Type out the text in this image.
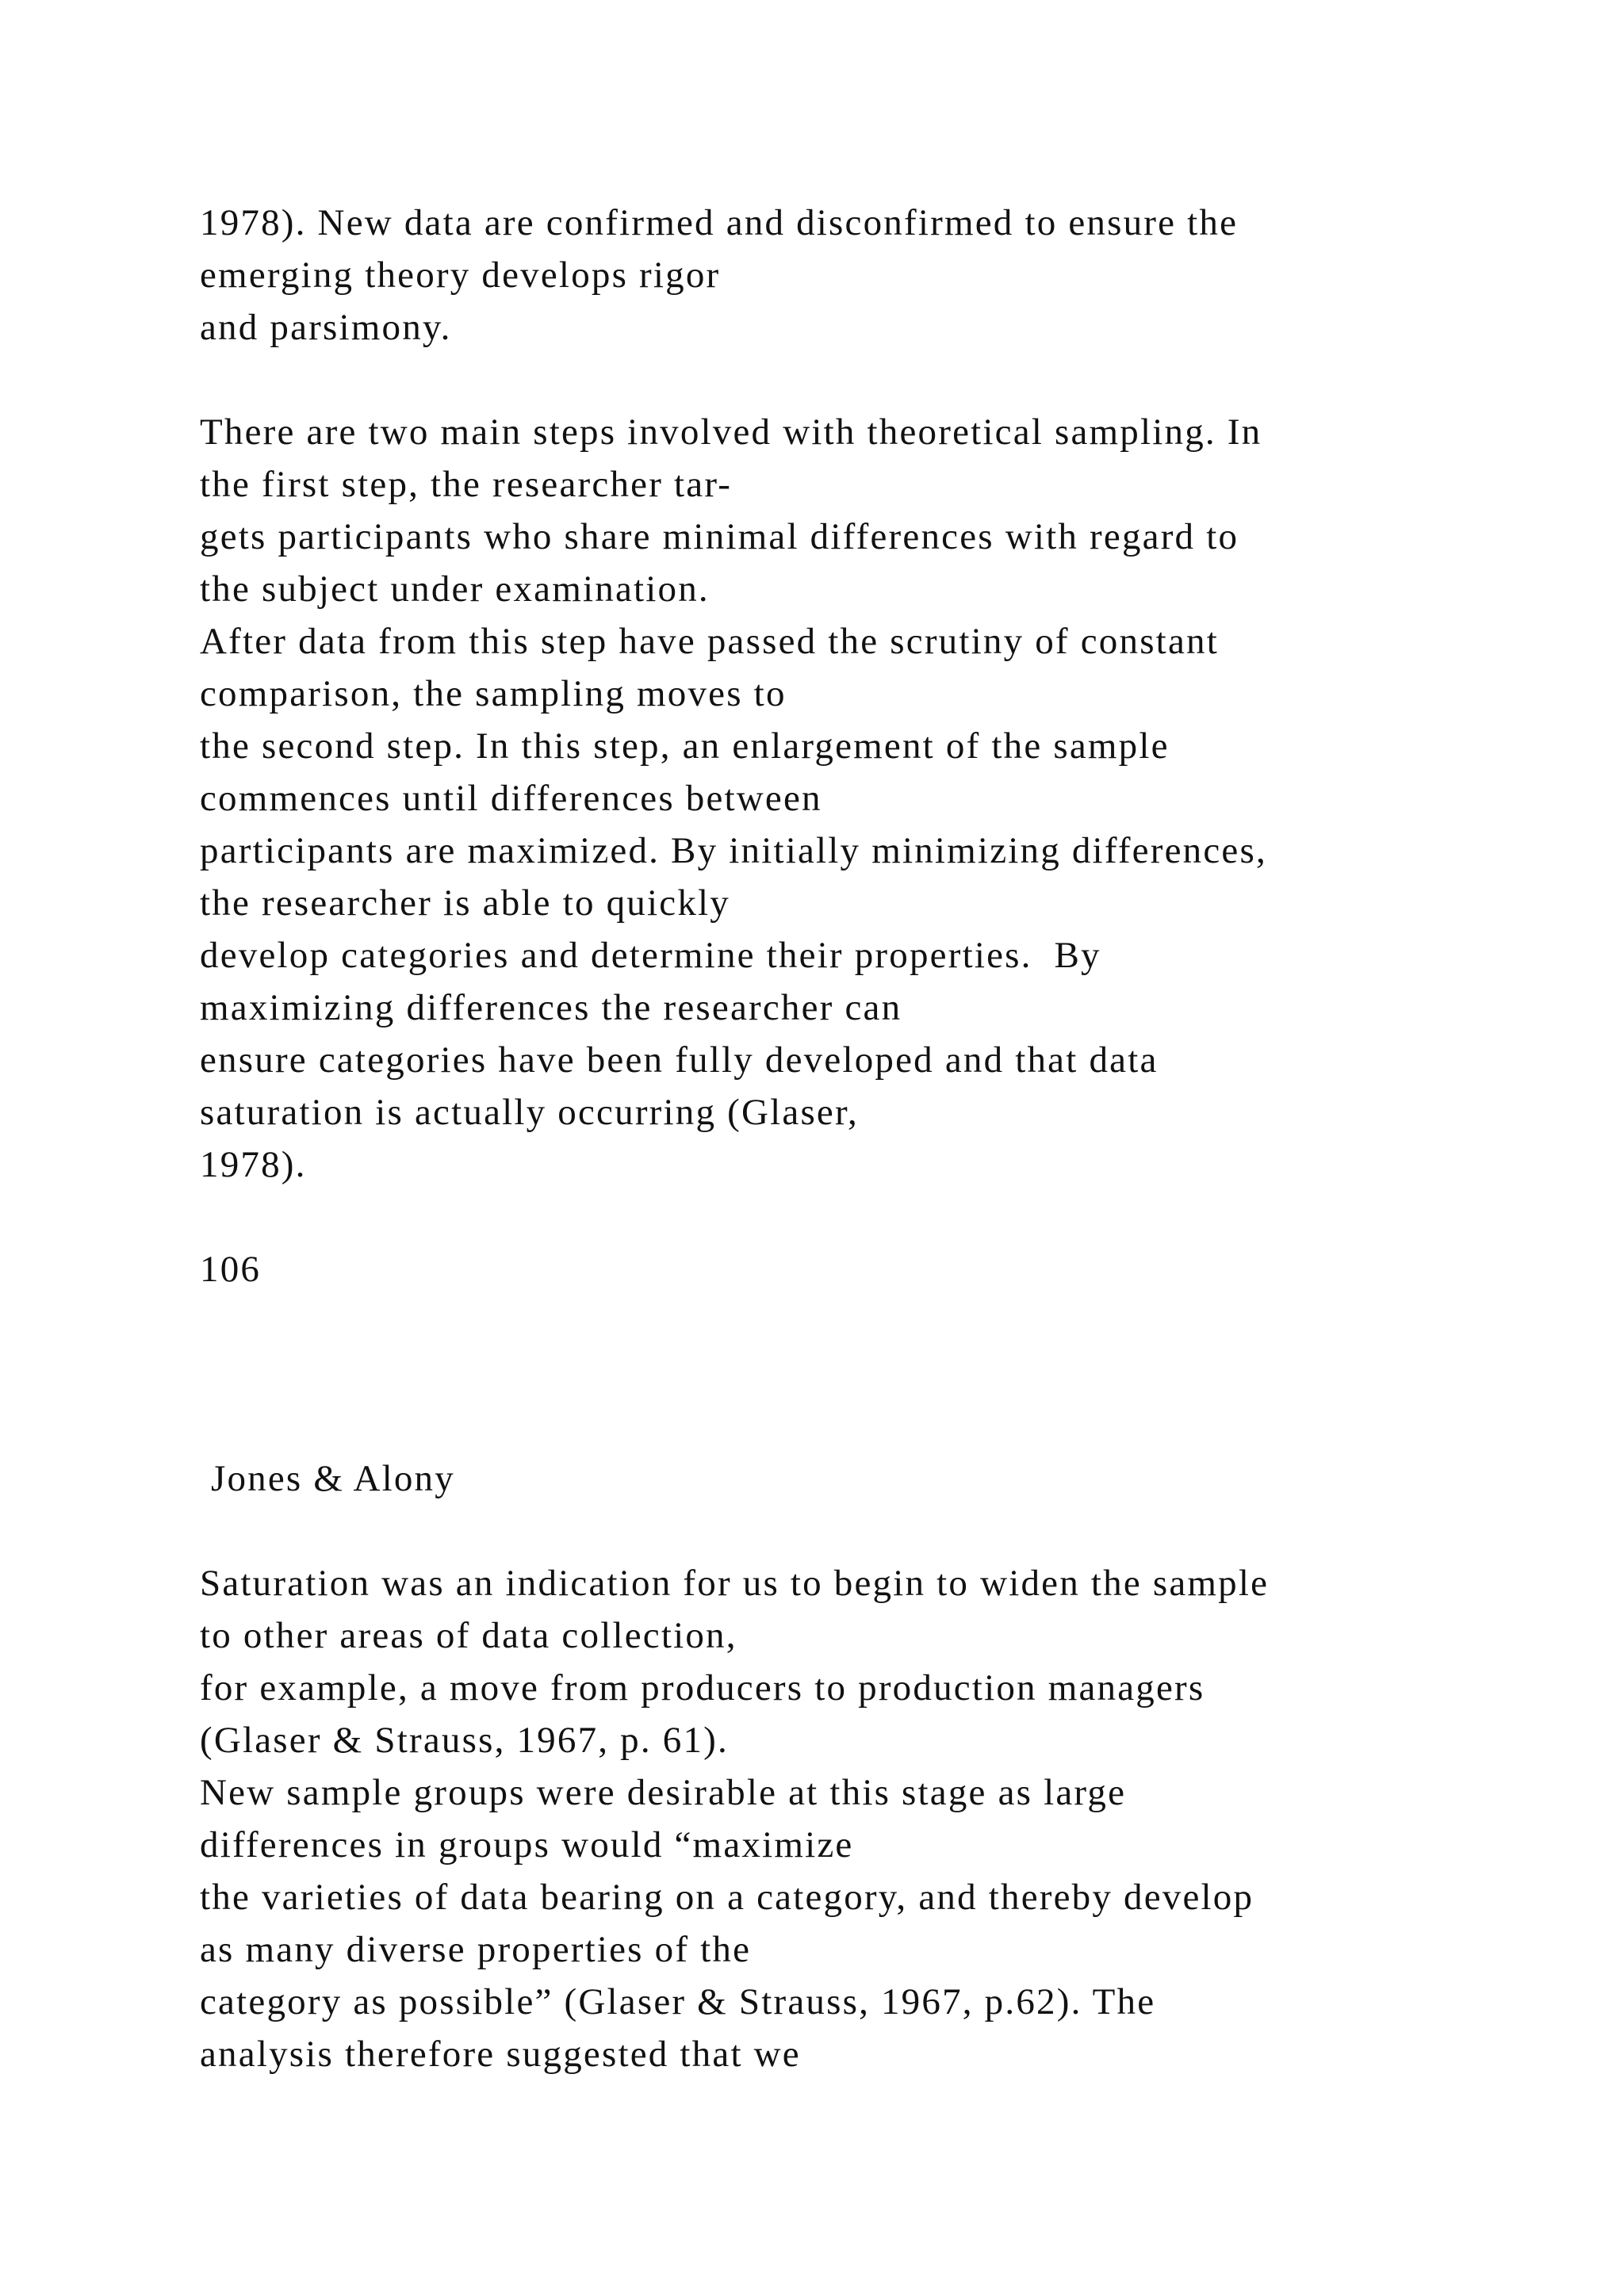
1978). New data are confirmed and disconfirmed to ensure the

emerging theory develops rigor

and parsimony.

There are two main steps involved with theoretical sampling. In

the first step, the researcher tar-

gets participants who share minimal differences with regard to

the subject under examination.

After data from this step have passed the scrutiny of constant

comparison, the sampling moves to

the second step. In this step, an enlargement of the sample

commences until differences between

participants are maximized. By initially minimizing differences,

the researcher is able to quickly

develop categories and determine their properties.  By

maximizing differences the researcher can

ensure categories have been fully developed and that data

saturation is actually occurring (Glaser,

1978).

106

Jones & Alony

Saturation was an indication for us to begin to widen the sample

to other areas of data collection,

for example, a move from producers to production managers

(Glaser & Strauss, 1967, p. 61).

New sample groups were desirable at this stage as large

differences in groups would “maximize

the varieties of data bearing on a category, and thereby develop

as many diverse properties of the

category as possible” (Glaser & Strauss, 1967, p.62). The

analysis therefore suggested that we
